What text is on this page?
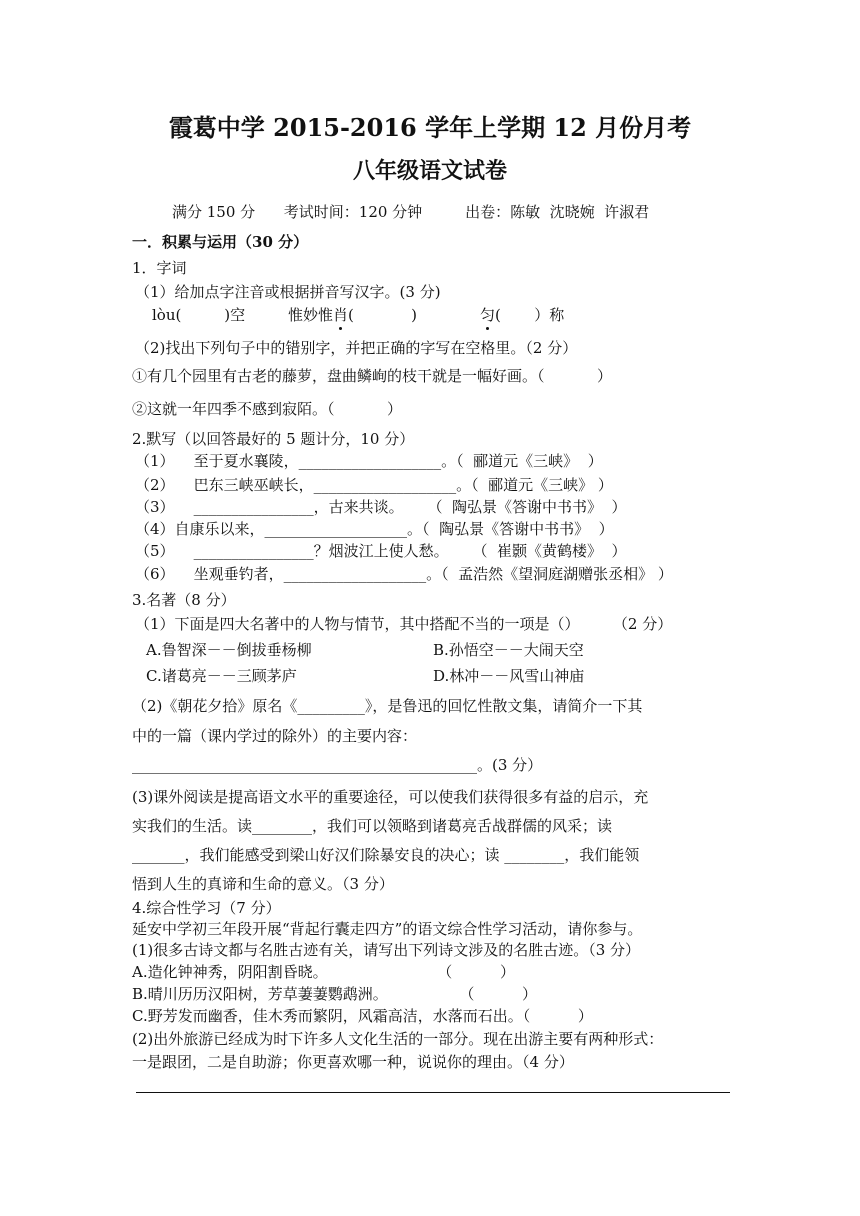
霞葛中学 2015-2016 学年上学期 12 月份月考
八年级语文试卷
满分 150 分      考试时间：120 分钟         出卷：陈敏  沈晓婉  许淑君
一．积累与运用（30 分）
1．字词
（1）给加点字注音或根据拼音写汉字。(3 分)
lòu(         )空	惟妙惟肖(            )	匀(       ）称
（2)找出下列句子中的错别字，并把正确的字写在空格里。（2 分）
①有几个园里有古老的藤萝，盘曲鳞峋的枝干就是一幅好画。（           ）
②这就一年四季不感到寂陌。（           ）
2.默写（以回答最好的 5 题计分，10 分）
（1）    至于夏水襄陵，___________________。（  郦道元《三峡》  ）
（2）    巴东三峡巫峡长，___________________。（  郦道元《三峡》 ）
（3）    ________________，古来共谈。     （  陶弘景《答谢中书书》  ）
（4）自康乐以来，___________________。（  陶弘景《答谢中书书》  ）
（5）    ________________？烟波江上使人愁。     （  崔颢《黄鹤楼》  ）
（6）    坐观垂钓者，___________________。（  孟浩然《望洞庭湖赠张丞相》 ）
3.名著（8 分）
（1）下面是四大名著中的人物与情节，其中搭配不当的一项是（）       （2 分）
A.鲁智深－－倒拔垂杨柳	B.孙悟空－－大闹天空
C.诸葛亮－－三顾茅庐	D.林冲－－风雪山神庙
（2)《朝花夕拾》原名《_________》，是鲁迅的回忆性散文集，请简介一下其
中的一篇（课内学过的除外）的主要内容：
______________________________________________。(3 分）
(3)课外阅读是提高语文水平的重要途径，可以使我们获得很多有益的启示，充
实我们的生活。读________，我们可以领略到诸葛亮舌战群儒的风采；读
_______，我们能感受到梁山好汉们除暴安良的决心；读 ________，我们能领
悟到人生的真谛和生命的意义。（3 分）
4.综合性学习（7 分）
延安中学初三年段开展“背起行囊走四方”的语文综合性学习活动，请你参与。
(1)很多古诗文都与名胜古迹有关，请写出下列诗文涉及的名胜古迹。（3 分）
A.造化钟神秀，阴阳割昏晓。                       （          ）
B.晴川历历汉阳树，芳草萋萋鹦鹉洲。               （          ）
C.野芳发而幽香，佳木秀而繁阴，风霜高洁，水落而石出。（          ）
(2)出外旅游已经成为时下许多人文化生活的一部分。现在出游主要有两种形式：
一是跟团，二是自助游；你更喜欢哪一种，说说你的理由。（4 分）
